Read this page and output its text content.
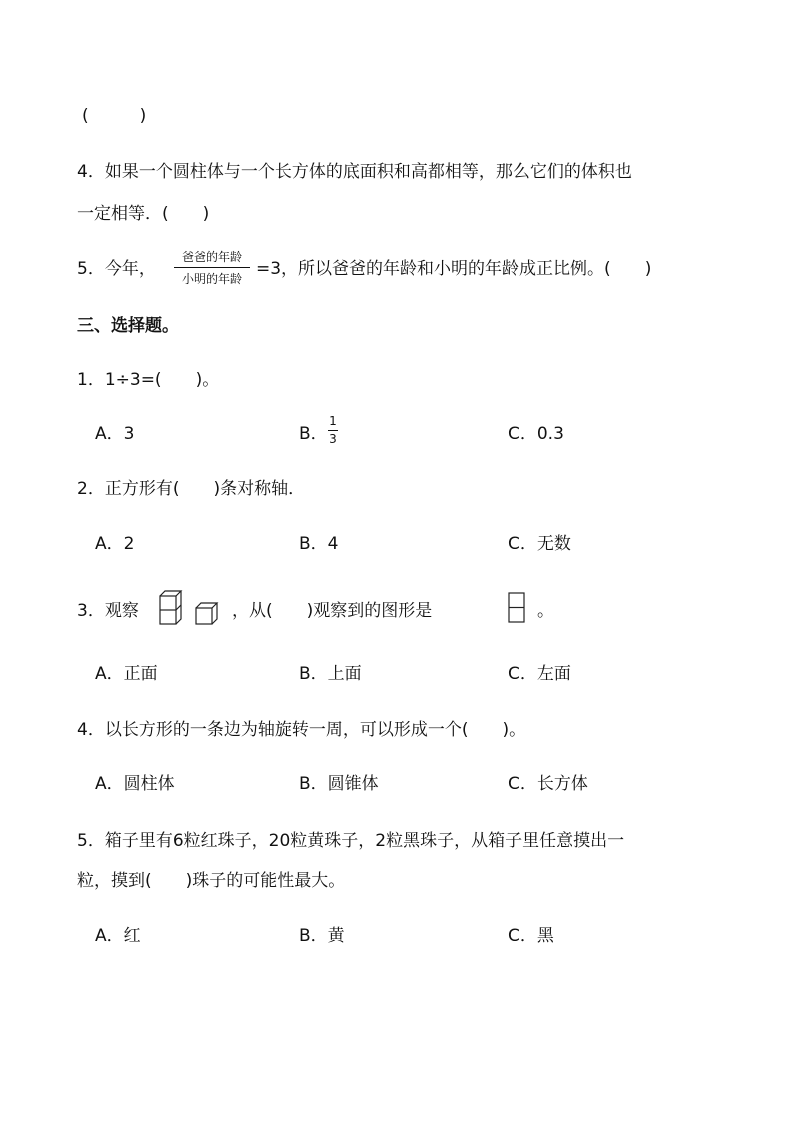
(　　　)
4．如果一个圆柱体与一个长方体的底面积和高都相等，那么它们的体积也
一定相等．(　　)
5．今年，
爸爸的年龄
小明的年龄 =3，所以爸爸的年龄和小明的年龄成正比例。(　　)
三、选择题。
1．1÷3=(　　)。
A．3	B．
1
3	C．0.3
2．正方形有(　　)条对称轴．
A．2	B．4	C．无数
3．观察	，从(　　)观察到的图形是	。
A．正面	B．上面	C．左面
4．以长方形的一条边为轴旋转一周，可以形成一个(　　)。
A．圆柱体	B．圆锥体	C．长方体
5．箱子里有6粒红珠子，20粒黄珠子，2粒黑珠子，从箱子里任意摸出一
粒，摸到(　　)珠子的可能性最大。
A．红	B．黄	C．黑
